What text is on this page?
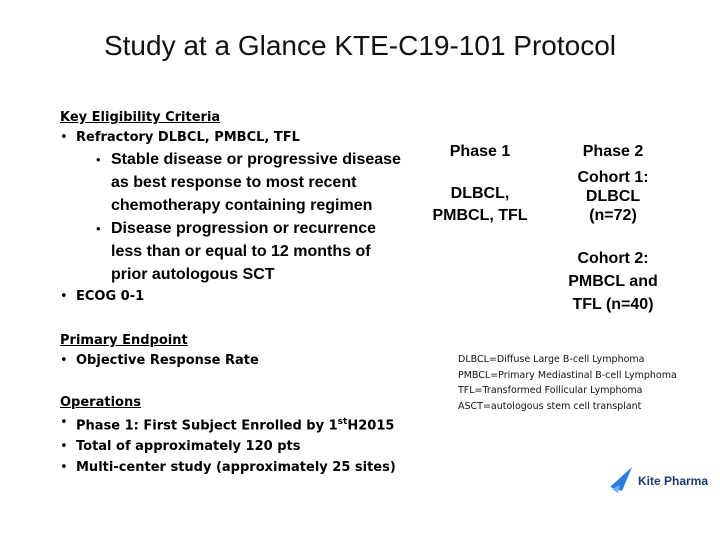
Study at a Glance KTE-C19-101 Protocol
Key Eligibility Criteria
• Refractory DLBCL, PMBCL, TFL
• Stable disease or progressive disease as best response to most recent chemotherapy containing regimen
• Disease progression or recurrence less than or equal to 12 months of prior autologous SCT
• ECOG 0-1
Primary Endpoint
• Objective Response Rate
Operations
• Phase 1: First Subject Enrolled by 1stH2015
• Total of approximately 120 pts
• Multi-center study (approximately 25 sites)
Phase 1
DLBCL,
PMBCL, TFL
Phase 2
Cohort 1: DLBCL (n=72)
Cohort 2: PMBCL and TFL (n=40)
DLBCL=Diffuse Large B-cell Lymphoma
PMBCL=Primary Mediastinal B-cell Lymphoma
TFL=Transformed Follicular Lymphoma
ASCT=autologous stem cell transplant
Kite Pharma
